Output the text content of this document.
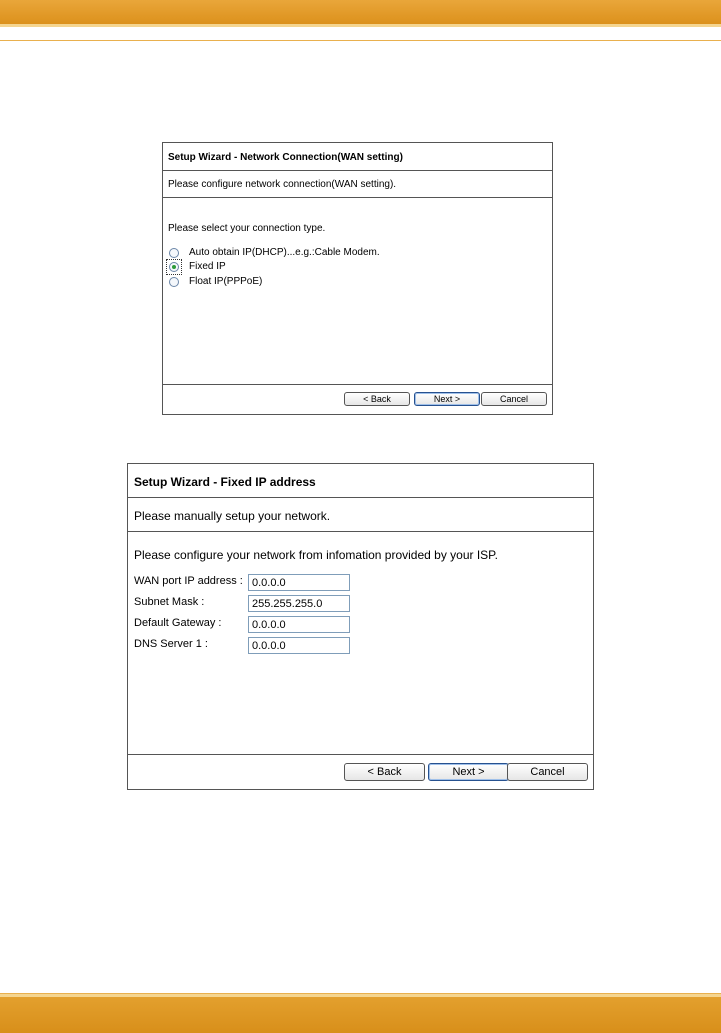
Setup Wizard - Network Connection(WAN setting)
Please configure network connection(WAN setting).
Please select your connection type.
Auto obtain IP(DHCP)...e.g.:Cable Modem.
Fixed IP
Float IP(PPPoE)
< Back	Next >	Cancel
Setup Wizard - Fixed IP address
Please manually setup your network.
Please configure your network from infomation provided by your ISP.
WAN port IP address :
0.0.0.0
Subnet Mask :
255.255.255.0
Default Gateway :
0.0.0.0
DNS Server 1 :
0.0.0.0
< Back	Next >	Cancel
